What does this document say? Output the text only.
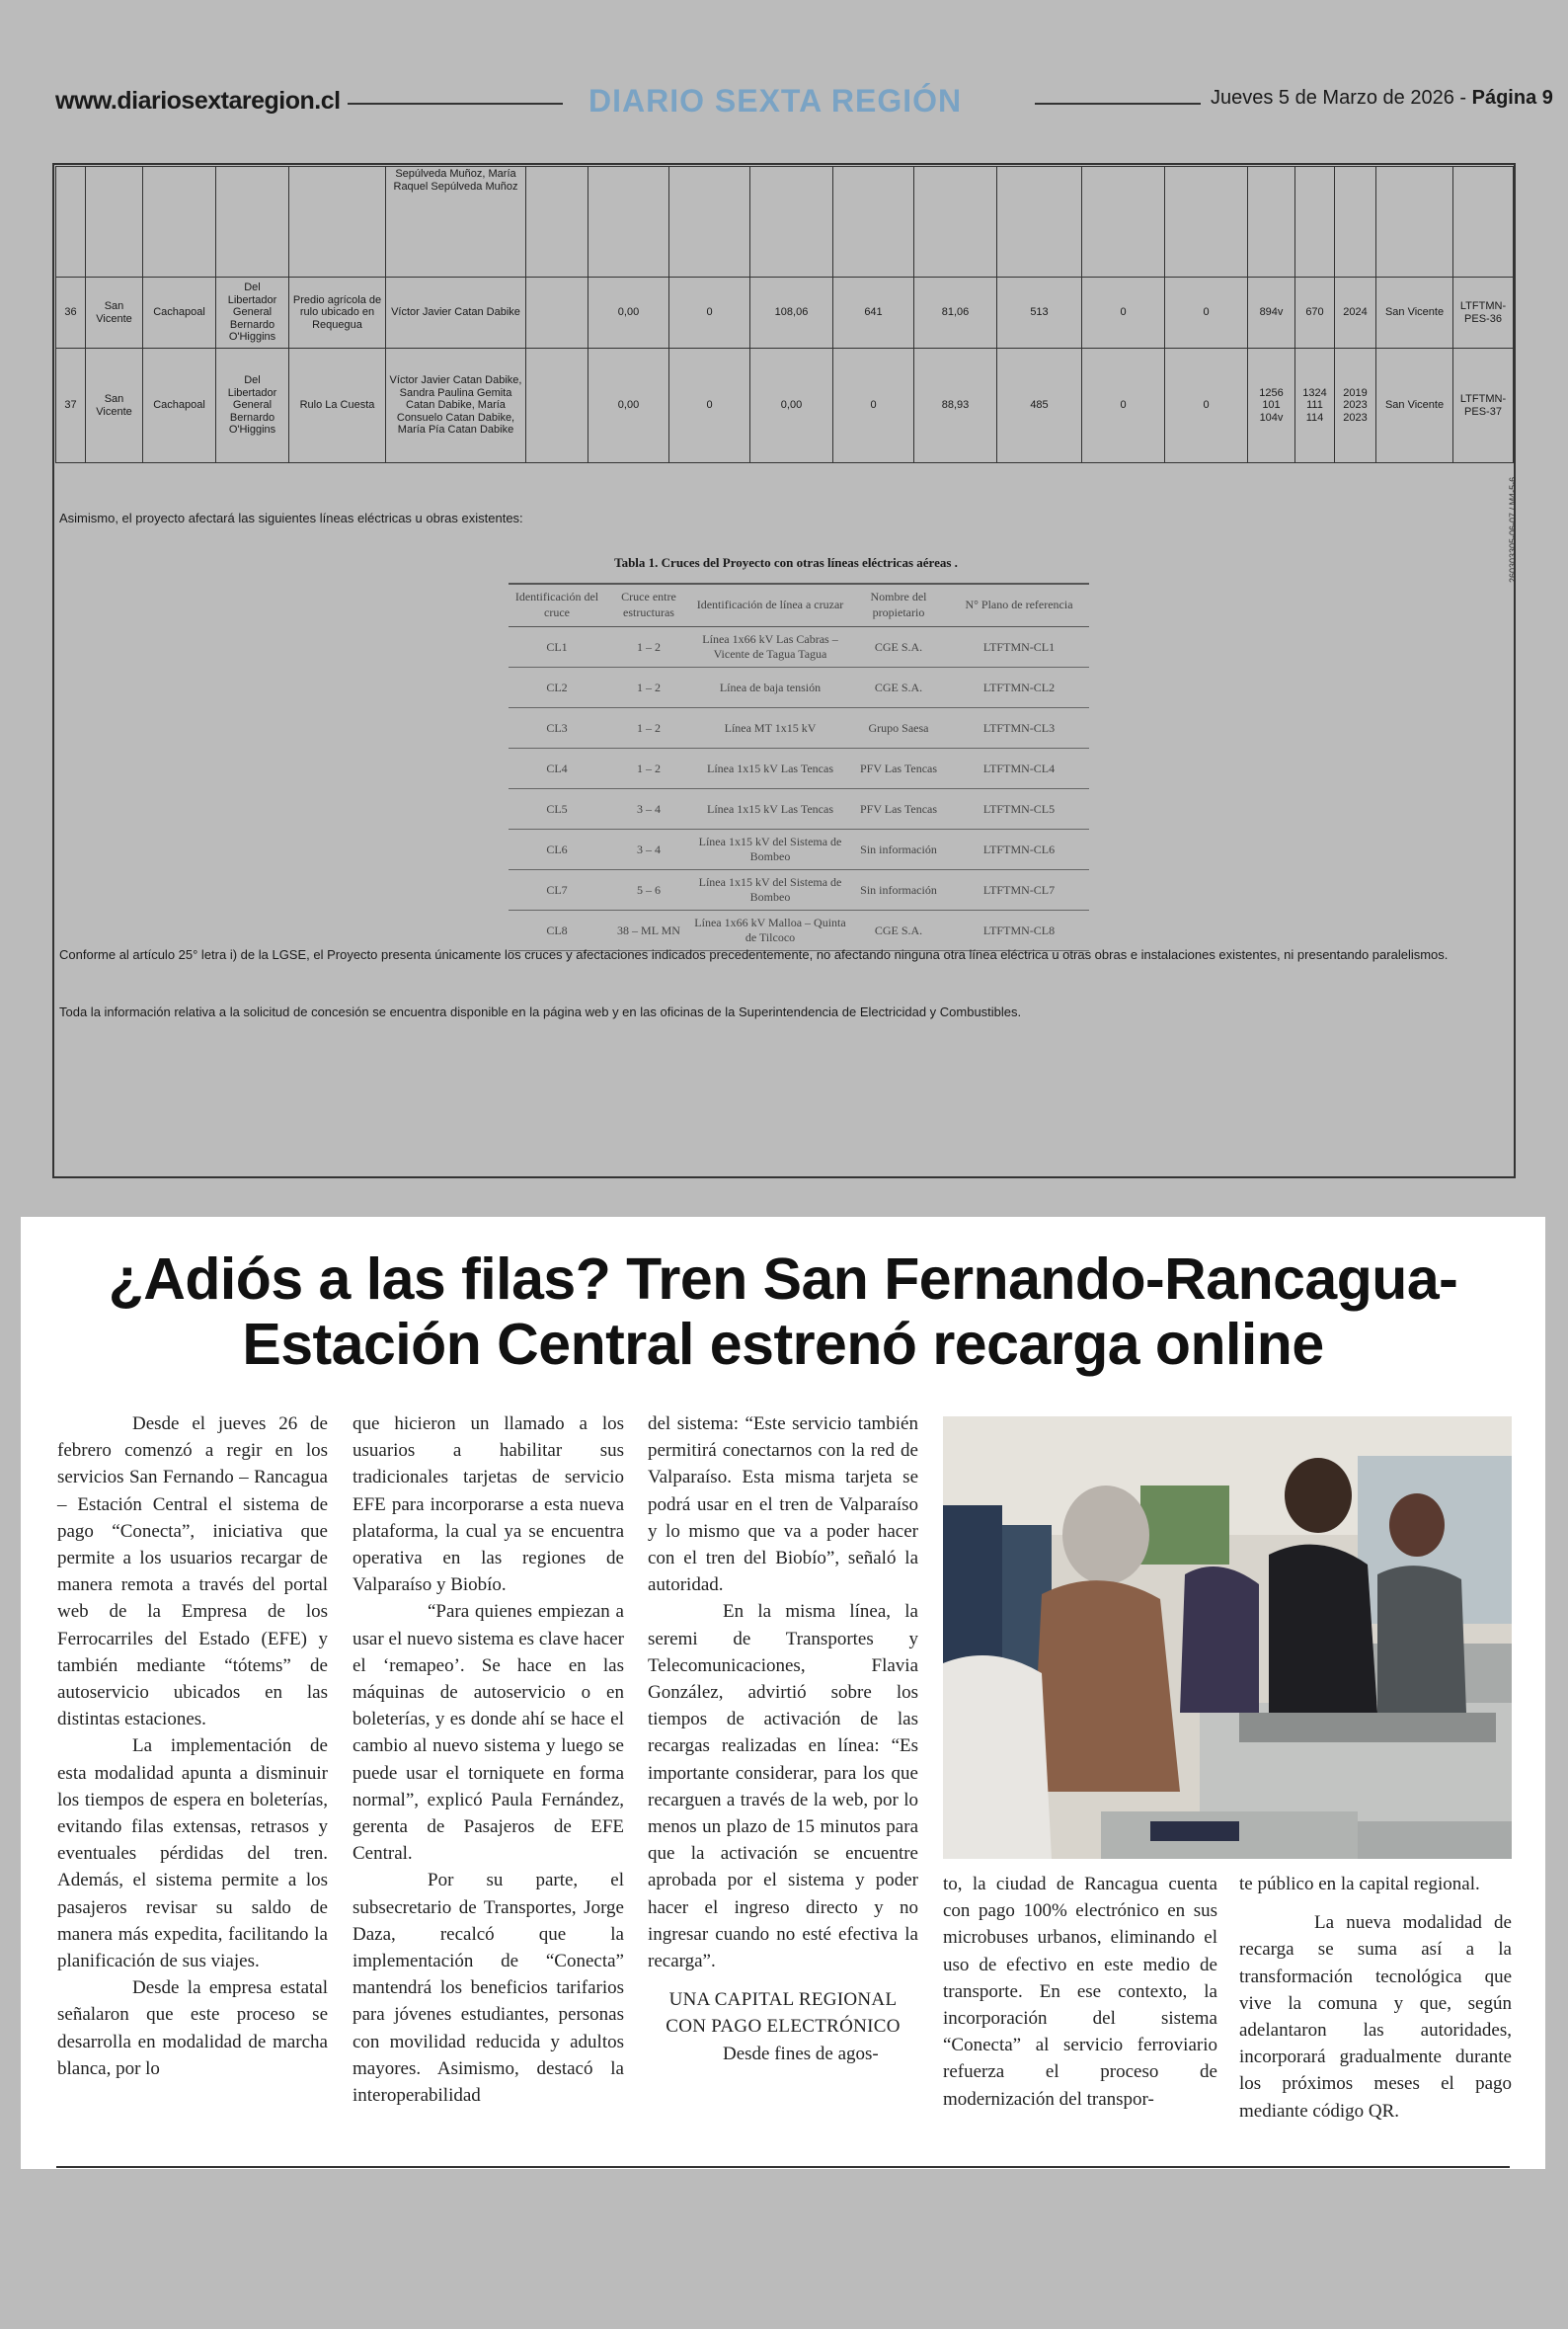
www.diariosextaregion.cl	DIARIO SEXTA REGIÓN	Jueves 5 de Marzo de 2026 - Página 9
					Sepúlveda Muñoz, María Raquel Sepúlveda Muñoz														
36	San Vicente	Cachapoal	Del Libertador General Bernardo O'Higgins	Predio agrícola de rulo ubicado en Requegua	Víctor Javier Catan Dabike		0,00	0	108,06	641	81,06	513	0	0	894v	670	2024	San Vicente	LTFTMN-PES-36
37	San Vicente	Cachapoal	Del Libertador General Bernardo O'Higgins	Rulo La Cuesta	Víctor Javier Catan Dabike, Sandra Paulina Gemita Catan Dabike, María Consuelo Catan Dabike, María Pía Catan Dabike		0,00	0	0,00	0	88,93	485	0	0	1256 101 104v	1324 111 114	2019 2023 2023	San Vicente	LTFTMN-PES-37
Asimismo, el proyecto afectará las siguientes líneas eléctricas u obras existentes:
Tabla 1. Cruces del Proyecto con otras líneas eléctricas aéreas .
Identificación del cruce	Cruce entre estructuras	Identificación de línea a cruzar	Nombre del propietario	N° Plano de referencia
CL1	1 – 2	Línea 1x66 kV Las Cabras – Vicente de Tagua Tagua	CGE S.A.	LTFTMN-CL1
CL2	1 – 2	Línea de baja tensión	CGE S.A.	LTFTMN-CL2
CL3	1 – 2	Línea MT 1x15 kV	Grupo Saesa	LTFTMN-CL3
CL4	1 – 2	Línea 1x15 kV Las Tencas	PFV Las Tencas	LTFTMN-CL4
CL5	3 – 4	Línea 1x15 kV Las Tencas	PFV Las Tencas	LTFTMN-CL5
CL6	3 – 4	Línea 1x15 kV del Sistema de Bombeo	Sin información	LTFTMN-CL6
CL7	5 – 6	Línea 1x15 kV del Sistema de Bombeo	Sin información	LTFTMN-CL7
CL8	38 – ML MN	Línea 1x66 kV Malloa – Quinta de Tilcoco	CGE S.A.	LTFTMN-CL8
260303305-06-07 / M4-5-6
Conforme al artículo 25° letra i) de la LGSE, el Proyecto presenta únicamente los cruces y afectaciones indicados precedentemente, no afectando ninguna otra línea eléctrica u otras obras e instalaciones existentes, ni presentando paralelismos.
Toda la información relativa a la solicitud de concesión se encuentra disponible en la página web y en las oficinas de la Superintendencia de Electricidad y Combustibles.
¿Adiós a las filas? Tren San Fernando-Rancagua-
Estación Central estrenó recarga online

Desde el jueves 26 de febrero comenzó a regir en los servicios San Fernando – Rancagua – Estación Central el sistema de pago “Conecta”, iniciativa que permite a los usuarios recargar de manera remota a través del portal web de la Empresa de los Ferrocarriles del Estado (EFE) y también mediante “tótems” de autoservicio ubicados en las distintas estaciones.

La implementación de esta modalidad apunta a disminuir los tiempos de espera en boleterías, evitando filas extensas, retrasos y eventuales pérdidas del tren. Además, el sistema permite a los pasajeros revisar su saldo de manera más expedita, facilitando la planificación de sus viajes.

Desde la empresa estatal señalaron que este proceso se desarrolla en modalidad de marcha blanca, por lo

que hicieron un llamado a los usuarios a habilitar sus tradicionales tarjetas de servicio EFE para incorporarse a esta nueva plataforma, la cual ya se encuentra operativa en las regiones de Valparaíso y Biobío.

“Para quienes empiezan a usar el nuevo sistema es clave hacer el ‘remapeo’. Se hace en las máquinas de autoservicio o en boleterías, y es donde ahí se hace el cambio al nuevo sistema y luego se puede usar el torniquete en forma normal”, explicó Paula Fernández, gerenta de Pasajeros de EFE Central.

Por su parte, el subsecretario de Transportes, Jorge Daza, recalcó que la implementación de “Conecta” mantendrá los beneficios tarifarios para jóvenes estudiantes, personas con movilidad reducida y adultos mayores. Asimismo, destacó la interoperabilidad

del sistema: “Este servicio también permitirá conectarnos con la red de Valparaíso. Esta misma tarjeta se podrá usar en el tren de Valparaíso y lo mismo que va a poder hacer con el tren del Biobío”, señaló la autoridad.

En la misma línea, la seremi de Transportes y Telecomunicaciones, Flavia González, advirtió sobre los tiempos de activación de las recargas realizadas en línea: “Es importante considerar, para los que recarguen a través de la web, por lo menos un plazo de 15 minutos para que la activación se encuentre aprobada por el sistema y poder hacer el ingreso directo y no ingresar cuando no esté efectiva la recarga”.

UNA CAPITAL REGIONAL CON PAGO ELECTRÓNICO

Desde fines de agos-

to, la ciudad de Rancagua cuenta con pago 100% electrónico en sus microbuses urbanos, eliminando el uso de efectivo en este medio de transporte. En ese contexto, la incorporación del sistema “Conecta” al servicio ferroviario refuerza el proceso de modernización del transpor-

te público en la capital regional.

La nueva modalidad de recarga se suma así a la transformación tecnológica que vive la comuna y que, según adelantaron las autoridades, incorporará gradualmente durante los próximos meses el pago mediante código QR.
